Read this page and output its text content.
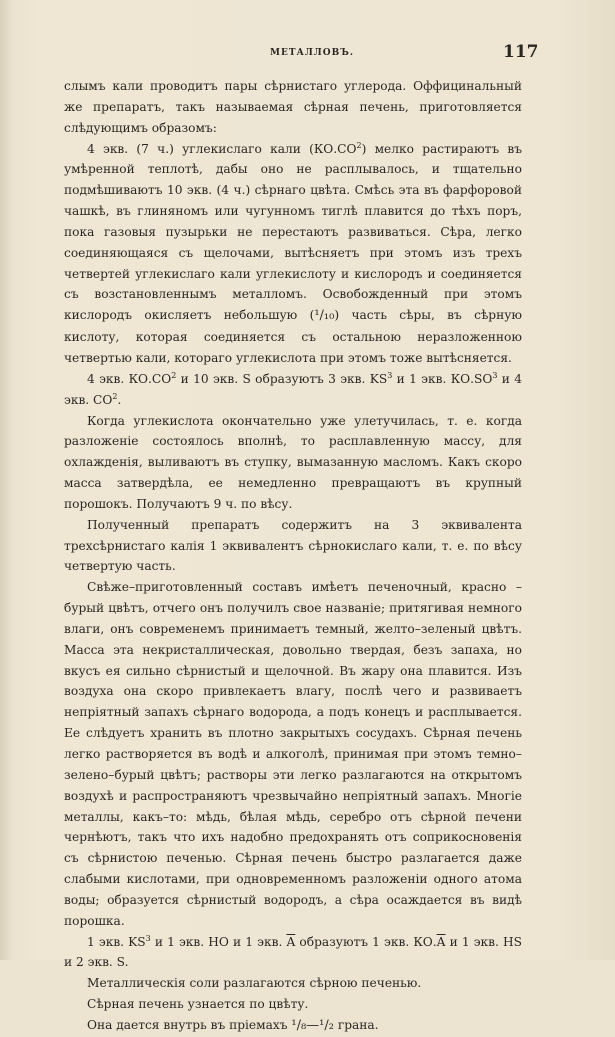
МЕТАЛЛОВЪ.	117

слымъ кали проводитъ пары сѣрнистаго углерода. Оффицинальный же препаратъ, такъ называемая сѣрная печень, приготовляется слѣдующимъ образомъ:

4 экв. (7 ч.) углекислаго кали $(КО.СО^2)$ мелко растираютъ въ умѣренной теплотѣ, дабы оно не расплывалось, и тщательно подмѣшиваютъ 10 экв. (4 ч.) сѣрнаго цвѣта. Смѣсь эта въ фарфоровой чашкѣ, въ глиняномъ или чугунномъ тиглѣ плавится до тѣхъ поръ, пока газовыя пузырьки не перестаютъ развиваться. Сѣра, легко соединяющаяся съ щелочами, вытѣсняетъ при этомъ изъ трехъ четвертей углекислаго кали углекислоту и кислородъ и соединяется съ возстановленнымъ металломъ. Освобожденный при этомъ кислородъ окисляетъ небольшую (¹/₁₀) часть сѣры, въ сѣрную кислоту, которая соединяется съ остальною неразложенною четвертью кали, котораго углекислота при этомъ тоже вытѣсняется.

4 экв. $КО.СО^2$ и 10 экв. S образуютъ 3 экв. $KS^3$ и 1 экв. $КО.SO^3$ и 4 экв. $СО^2$.

Когда углекислота окончательно уже улетучилась, т. е. когда разложеніе состоялось вполнѣ, то расплавленную массу, для охлажденія, выливаютъ въ ступку, вымазанную масломъ. Какъ скоро масса затвердѣла, ее немедленно превращаютъ въ крупный порошокъ. Получаютъ 9 ч. по вѣсу.

Полученный препаратъ содержитъ на 3 эквивалента трехсѣрнистаго калія 1 эквивалентъ сѣрнокислаго кали, т. е. по вѣсу четвертую часть.

Свѣже–приготовленный составъ имѣетъ печеночный, красно – бурый цвѣтъ, отчего онъ получилъ свое названіе; притягивая немного влаги, онъ современемъ принимаетъ темный, желто–зеленый цвѣтъ. Масса эта некристаллическая, довольно твердая, безъ запаха, но вкусъ ея сильно сѣрнистый и щелочной. Въ жару она плавится. Изъ воздуха она скоро привлекаетъ влагу, послѣ чего и развиваетъ непріятный запахъ сѣрнаго водорода, а подъ конецъ и расплывается. Ее слѣдуетъ хранить въ плотно закрытыхъ сосудахъ. Сѣрная печень легко растворяется въ водѣ и алкоголѣ, принимая при этомъ темно–зелено–бурый цвѣтъ; растворы эти легко разлагаются на открытомъ воздухѣ и распространяютъ чрезвычайно непріятный запахъ. Многіе металлы, какъ–то: мѣдь, бѣлая мѣдь, серебро отъ сѣрной печени чернѣютъ, такъ что ихъ надобно предохранять отъ соприкосновенія съ сѣрнистою печенью. Сѣрная печень быстро разлагается даже слабыми кислотами, при одновременномъ разложеніи одного атома воды; образуется сѣрнистый водородъ, а сѣра осаждается въ видѣ порошка.

1 экв. $KS^3$ и 1 экв. НО и 1 экв. $\overline{A}$ образуютъ 1 экв. $КО.\overline{A}$ и 1 экв. HS и 2 экв. S.

Металлическія соли разлагаются сѣрною печенью.

Сѣрная печень узнается по цвѣту.

Она дается внутрь въ пріемахъ ¹/₈—¹/₂ грана.
